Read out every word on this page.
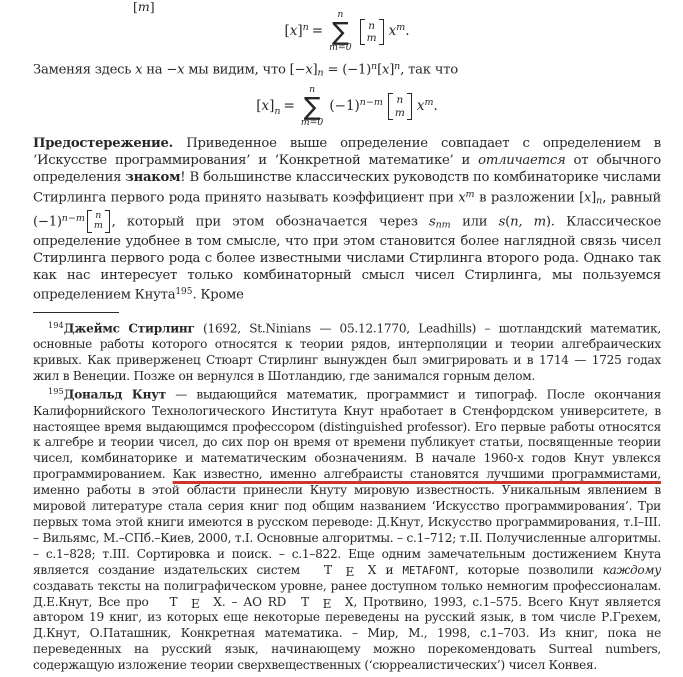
[m]
$[x]^n$ =
n
∑
m=0
n
m $x^m$.

Заменяя здесь x на −x мы видим, что $[-x]n = (-1)^n[x]^n$, так что

$[x]_n$ =
n
∑
m=0
$(-1)^{n-m}$ n
m $x^m$.

Предостережение. Приведенное выше определение совпадает с определением в ‘Искусстве программирования’ и ‘Конкретной математике’ и отличается от обычного определения знаком! В большинстве классических руководств по комбинаторике числами Стирлинга первого рода принято называть коэффициент при $x^m$ в разложении [x]n, равный $(-1)^{n-m}$ n
m , который при этом обозначается через snm или s(n, m). Классическое определение удобнее в том смысле, что при этом становится более наглядной связь чисел Стирлинга первого рода с более известными числами Стирлинга второго рода. Однако так как нас интересует только комбинаторный смысл чисел Стирлинга, мы пользуемся определением Кнута$^{195}$. Кроме

$^{194}$Джеймс Стирлинг (1692, St.Ninians — 05.12.1770, Leadhills) – шотландский математик, основные работы которого относятся к теории рядов, интерполяции и теории алгебраических кривых. Как приверженец Стюарт Стирлинг вынужден был эмигрировать и в 1714 — 1725 годах жил в Венеции. Позже он вернулся в Шотландию, где занимался горным делом.

$^{195}$Дональд Кнут — выдающийся математик, программист и типограф. После окончания Калифорнийского Технологического Института Кнут нработает в Стенфордском университете, в настоящее время выдающимся профессором (distinguished professor). Его первые работы относятся к алгебре и теории чисел, до сих пор он время от времени публикует статьи, посвященные теории чисел, комбинаторике и математическим обозначениям. В начале 1960-х годов Кнут увлекся программированием. Как известно, именно алгебраисты становятся лучшими программистами, именно работы в этой области принесли Кнуту мировую известность. Уникальным явлением в мировой литературе стала серия книг под общим названием ‘Искусство программирования’. Три первых тома этой книги имеются в русском переводе: Д.Кнут, Искусство программирования, т.I–III. – Вильямс, М.–СПб.–Киев, 2000, т.I. Основные алгоритмы. – с.1–712; т.II. Получисленные алгоритмы. – с.1–828; т.III. Сортировка и поиск. – с.1–822. Еще одним замечательным достижением Кнута является создание издательских систем T E X и METAFONT, которые позволили каждому создавать тексты на полиграфическом уровне, ранее доступном только немногим профессионалам. Д.Е.Кнут, Все про T E X. – АО RD T E X, Протвино, 1993, с.1–575. Всего Кнут является автором 19 книг, из которых еще некоторые переведены на русский язык, в том числе Р.Грехем, Д.Кнут, О.Паташник, Конкретная математика. – Мир, М., 1998, с.1–703. Из книг, пока не переведенных на русский язык, начинающему можно порекомендовать Surreal numbers, содержащую изложение теории сверхвещественных (‘сюрреалистических’) чисел Конвея.
